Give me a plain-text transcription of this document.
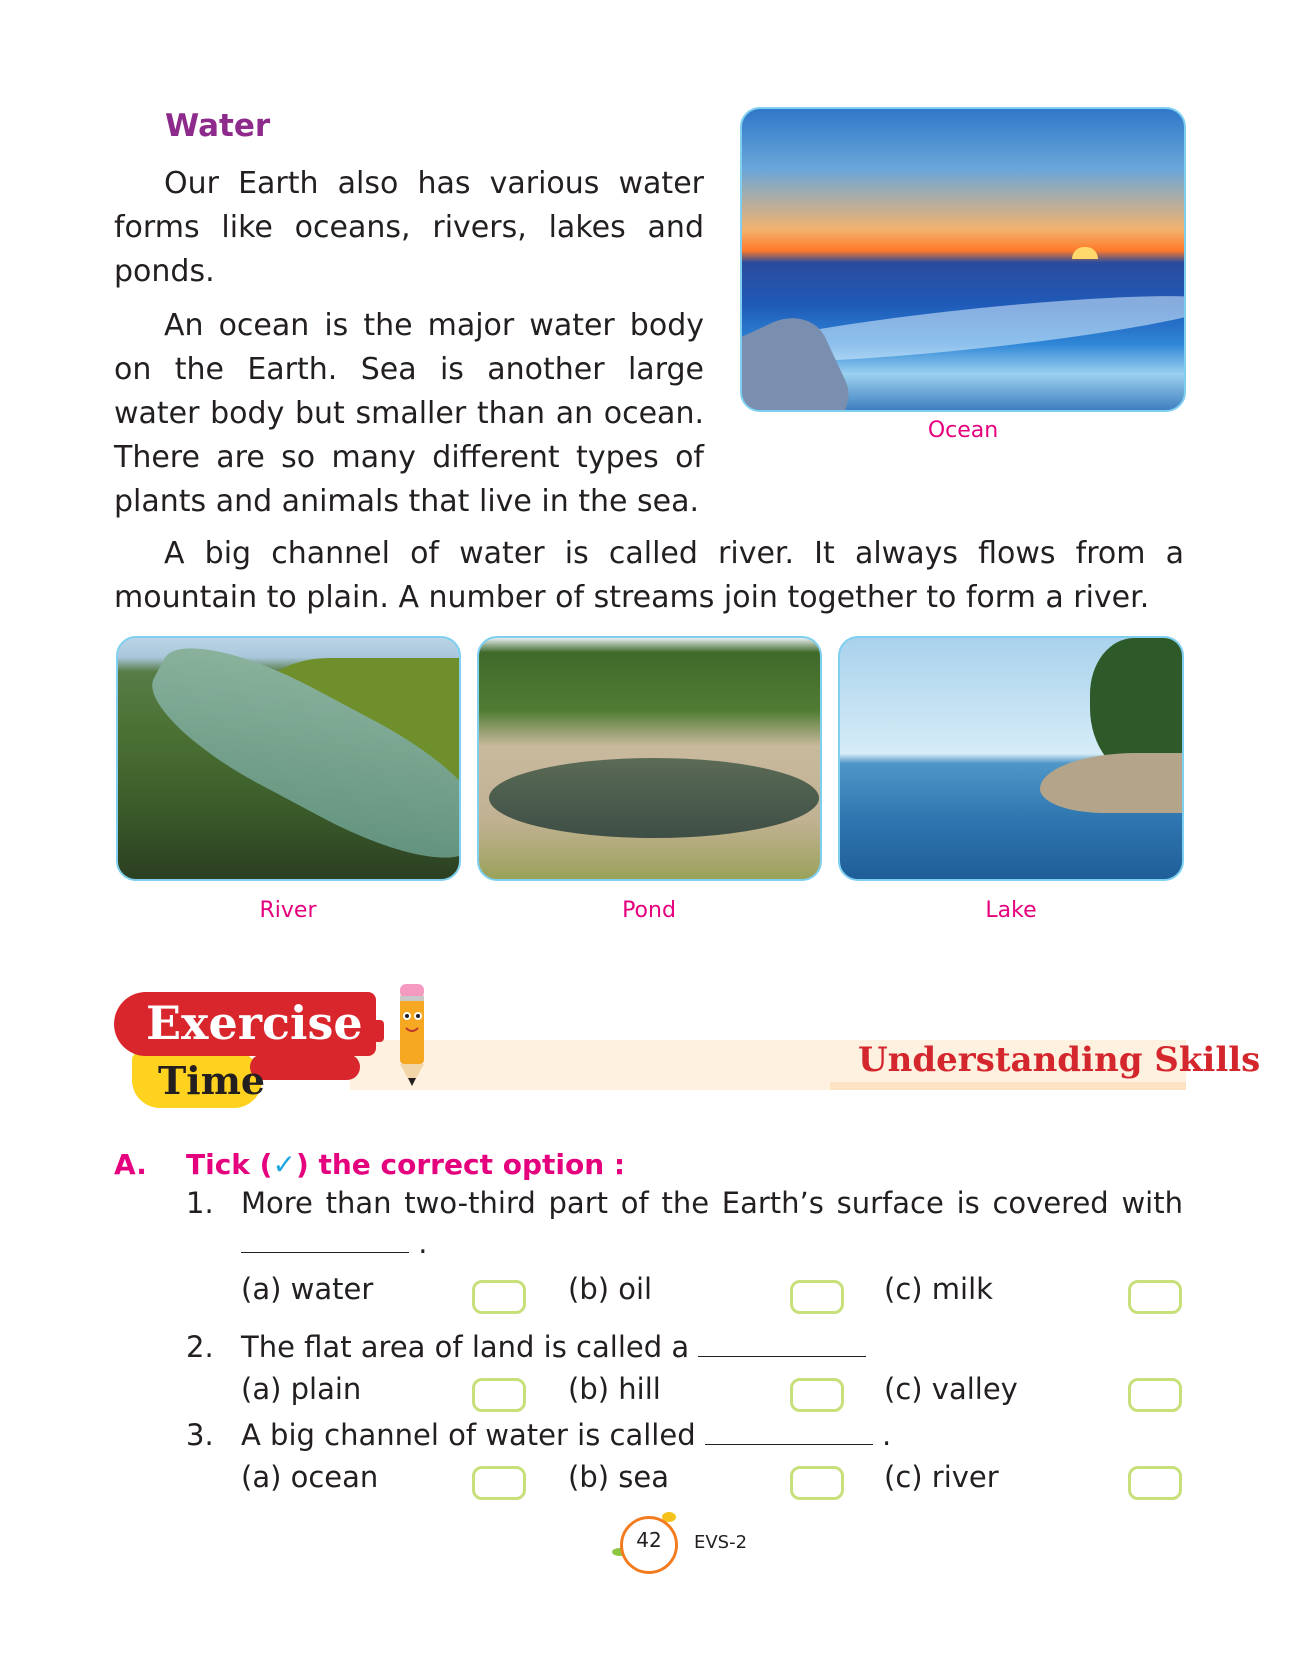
Water

Our Earth also has various water forms like oceans, rivers, lakes and ponds.

An ocean is the major water body on the Earth. Sea is another large water body but smaller than an ocean. There are so many different types of plants and animals that live in the sea.

A big channel of water is called river. It always flows from a mountain to plain. A number of streams join together to form a river.

Ocean
River	Pond	Lake
Exercise
Time	Understanding Skills
A. Tick (✓) the correct option :
1. More than two-third part of the Earth’s surface is covered with
.
(a) water	(b) oil	(c) milk
2. The flat area of land is called a
(a) plain	(b) hill	(c) valley
3. A big channel of water is called	.
(a) ocean	(b) sea	(c) river
42	EVS-2
